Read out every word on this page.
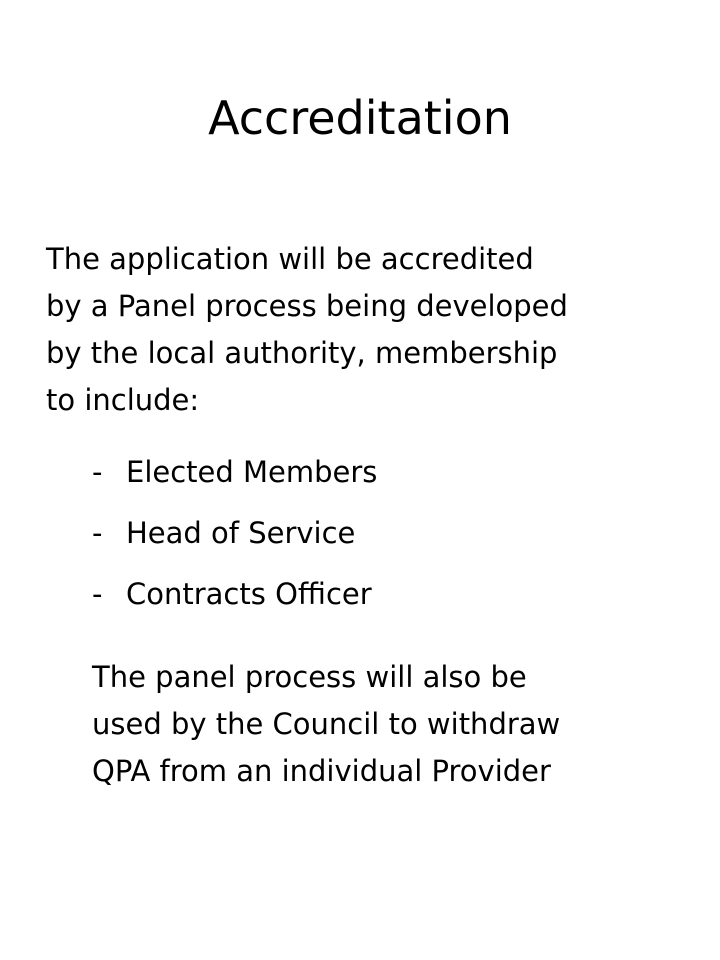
Accreditation

The application will be accredited
by a Panel process being developed
by the local authority, membership
to include:

- Elected Members
- Head of Service
- Contracts Officer

The panel process will also be
used by the Council to withdraw
QPA from an individual Provider
